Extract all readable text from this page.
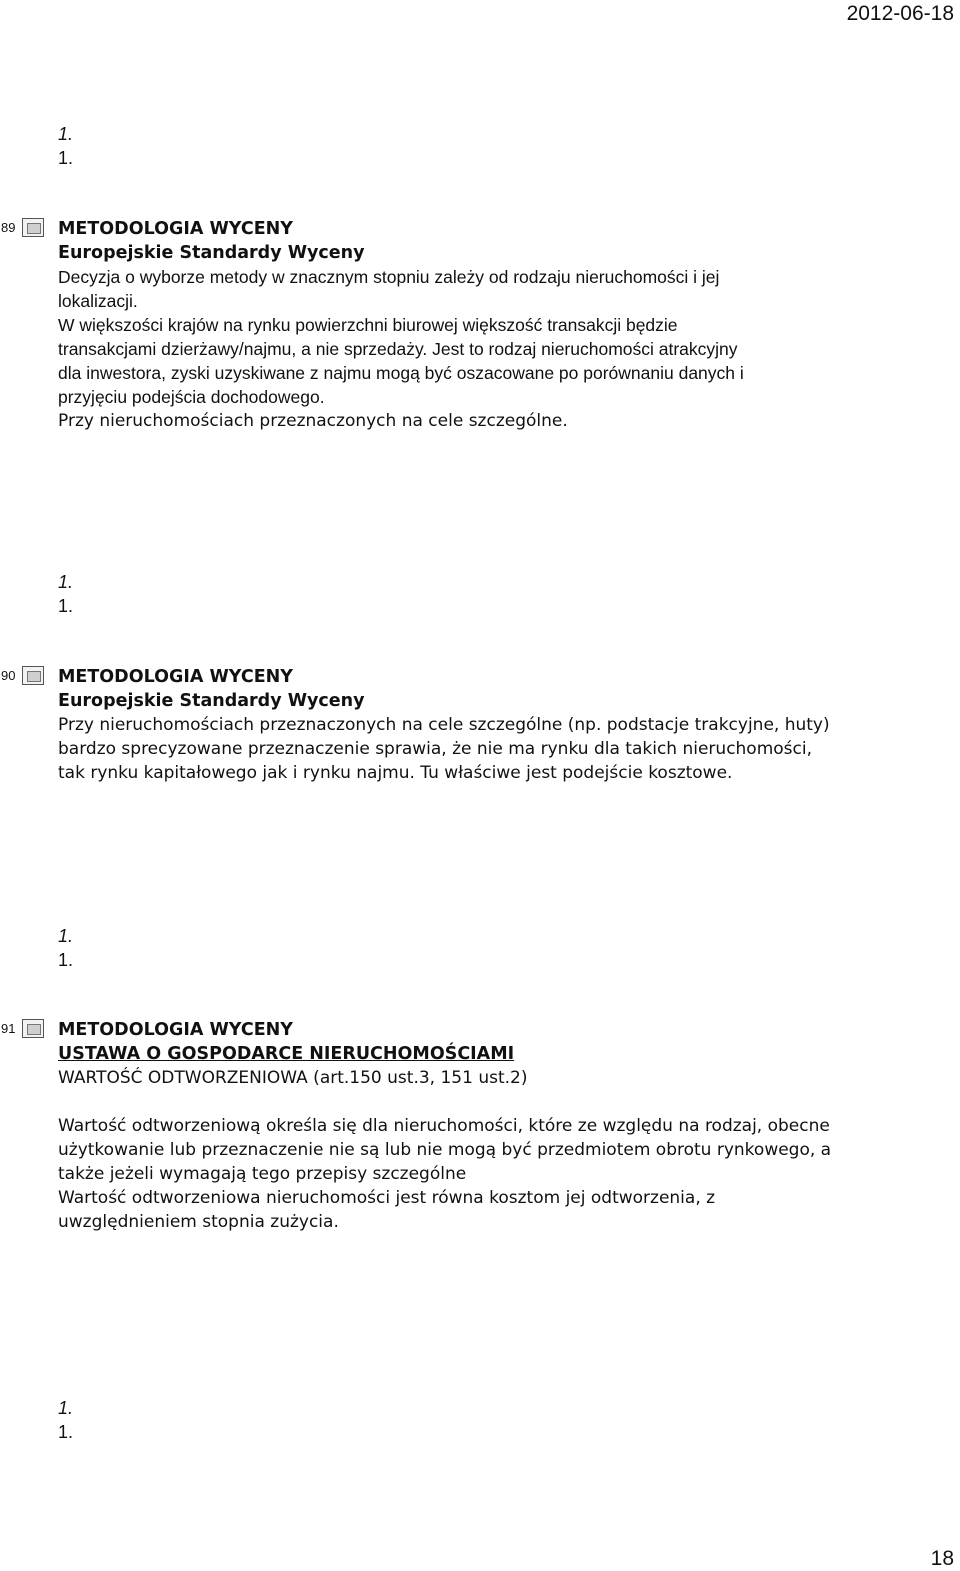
2012-06-18
1.
1.
89 METODOLOGIA WYCENY
Europejskie Standardy Wyceny
Decyzja o wyborze metody w znacznym stopniu zależy od rodzaju nieruchomości i jej
lokalizacji.
W większości krajów na rynku powierzchni biurowej większość transakcji będzie
transakcjami dzierżawy/najmu, a nie sprzedaży. Jest to rodzaj nieruchomości atrakcyjny
dla inwestora, zyski uzyskiwane z najmu mogą być oszacowane po porównaniu danych i
przyjęciu podejścia dochodowego.
Przy nieruchomościach przeznaczonych na cele szczególne.
1.
1.
90 METODOLOGIA WYCENY
Europejskie Standardy Wyceny
Przy nieruchomościach przeznaczonych na cele szczególne (np. podstacje trakcyjne, huty)
bardzo sprecyzowane przeznaczenie sprawia, że nie ma rynku dla takich nieruchomości,
tak rynku kapitałowego jak i rynku najmu. Tu właściwe jest podejście kosztowe.
1.
1.
91 METODOLOGIA WYCENY
USTAWA O GOSPODARCE NIERUCHOMOŚCIAMI
WARTOŚĆ ODTWORZENIOWA (art.150 ust.3, 151 ust.2)
Wartość odtworzeniową określa się dla nieruchomości, które ze względu na rodzaj, obecne
użytkowanie lub przeznaczenie nie są lub nie mogą być przedmiotem obrotu rynkowego, a
także jeżeli wymagają tego przepisy szczególne
Wartość odtworzeniowa nieruchomości jest równa kosztom jej odtworzenia, z
uwzględnieniem stopnia zużycia.
1.
1.
18
